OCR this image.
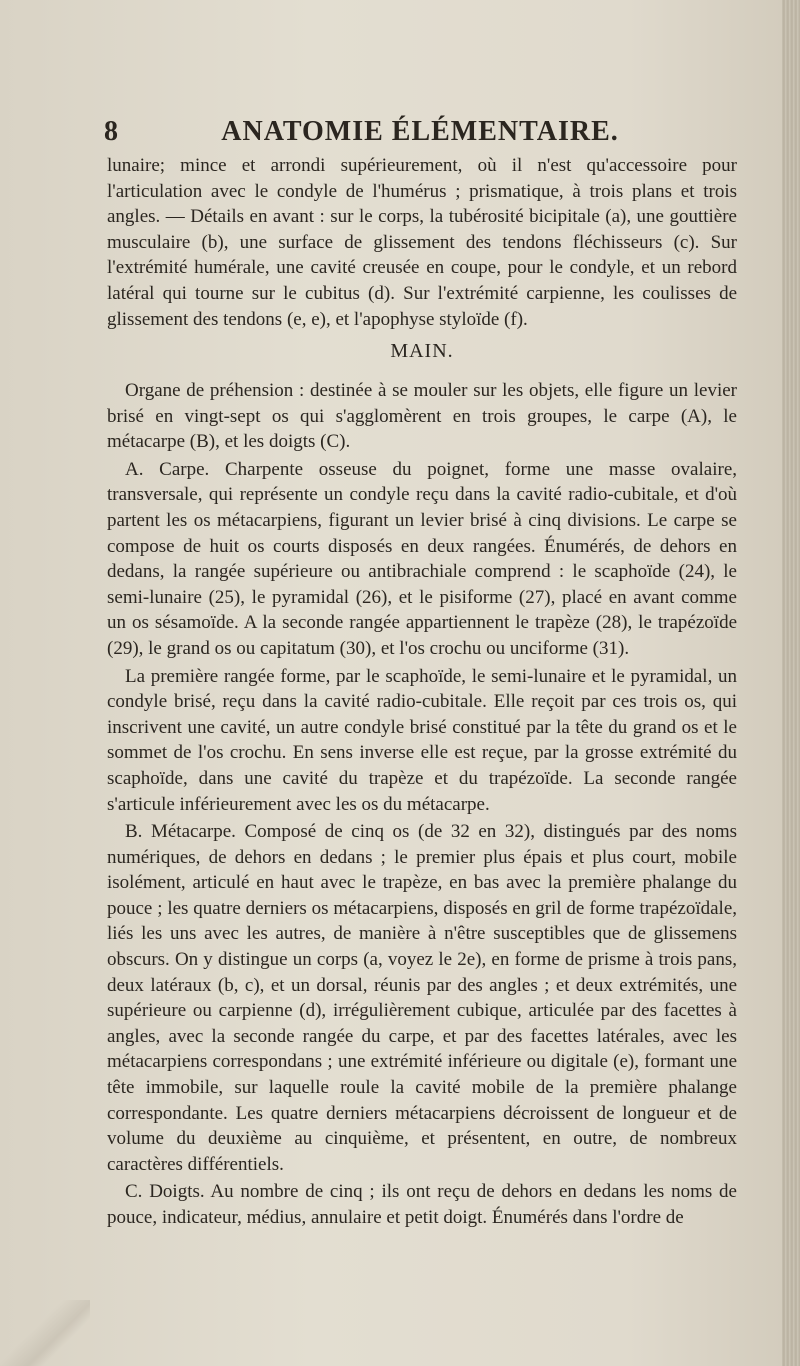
8	ANATOMIE ÉLÉMENTAIRE.

lunaire; mince et arrondi supérieurement, où il n'est qu'accessoire pour l'articulation avec le condyle de l'humérus ; prismatique, à trois plans et trois angles. — Détails en avant : sur le corps, la tubérosité bicipitale (a), une gouttière musculaire (b), une surface de glissement des tendons fléchisseurs (c). Sur l'extrémité humérale, une cavité creusée en coupe, pour le condyle, et un rebord latéral qui tourne sur le cubitus (d). Sur l'extrémité carpienne, les coulisses de glissement des tendons (e, e), et l'apophyse styloïde (f).

MAIN.

Organe de préhension : destinée à se mouler sur les objets, elle figure un levier brisé en vingt-sept os qui s'agglomèrent en trois groupes, le carpe (A), le métacarpe (B), et les doigts (C).

A. Carpe. Charpente osseuse du poignet, forme une masse ovalaire, transversale, qui représente un condyle reçu dans la cavité radio-cubitale, et d'où partent les os métacarpiens, figurant un levier brisé à cinq divisions. Le carpe se compose de huit os courts disposés en deux rangées. Énumérés, de dehors en dedans, la rangée supérieure ou antibrachiale comprend : le scaphoïde (24), le semi-lunaire (25), le pyramidal (26), et le pisiforme (27), placé en avant comme un os sésamoïde. A la seconde rangée appartiennent le trapèze (28), le trapézoïde (29), le grand os ou capitatum (30), et l'os crochu ou unciforme (31).

La première rangée forme, par le scaphoïde, le semi-lunaire et le pyramidal, un condyle brisé, reçu dans la cavité radio-cubitale. Elle reçoit par ces trois os, qui inscrivent une cavité, un autre condyle brisé constitué par la tête du grand os et le sommet de l'os crochu. En sens inverse elle est reçue, par la grosse extrémité du scaphoïde, dans une cavité du trapèze et du trapézoïde. La seconde rangée s'articule inférieurement avec les os du métacarpe.

B. Métacarpe. Composé de cinq os (de 32 en 32), distingués par des noms numériques, de dehors en dedans ; le premier plus épais et plus court, mobile isolément, articulé en haut avec le trapèze, en bas avec la première phalange du pouce ; les quatre derniers os métacarpiens, disposés en gril de forme trapézoïdale, liés les uns avec les autres, de manière à n'être susceptibles que de glissemens obscurs. On y distingue un corps (a, voyez le 2e), en forme de prisme à trois pans, deux latéraux (b, c), et un dorsal, réunis par des angles ; et deux extrémités, une supérieure ou carpienne (d), irrégulièrement cubique, articulée par des facettes à angles, avec la seconde rangée du carpe, et par des facettes latérales, avec les métacarpiens correspondans ; une extrémité inférieure ou digitale (e), formant une tête immobile, sur laquelle roule la cavité mobile de la première phalange correspondante. Les quatre derniers métacarpiens décroissent de longueur et de volume du deuxième au cinquième, et présentent, en outre, de nombreux caractères différentiels.

C. Doigts. Au nombre de cinq ; ils ont reçu de dehors en dedans les noms de pouce, indicateur, médius, annulaire et petit doigt. Énumérés dans l'ordre de
